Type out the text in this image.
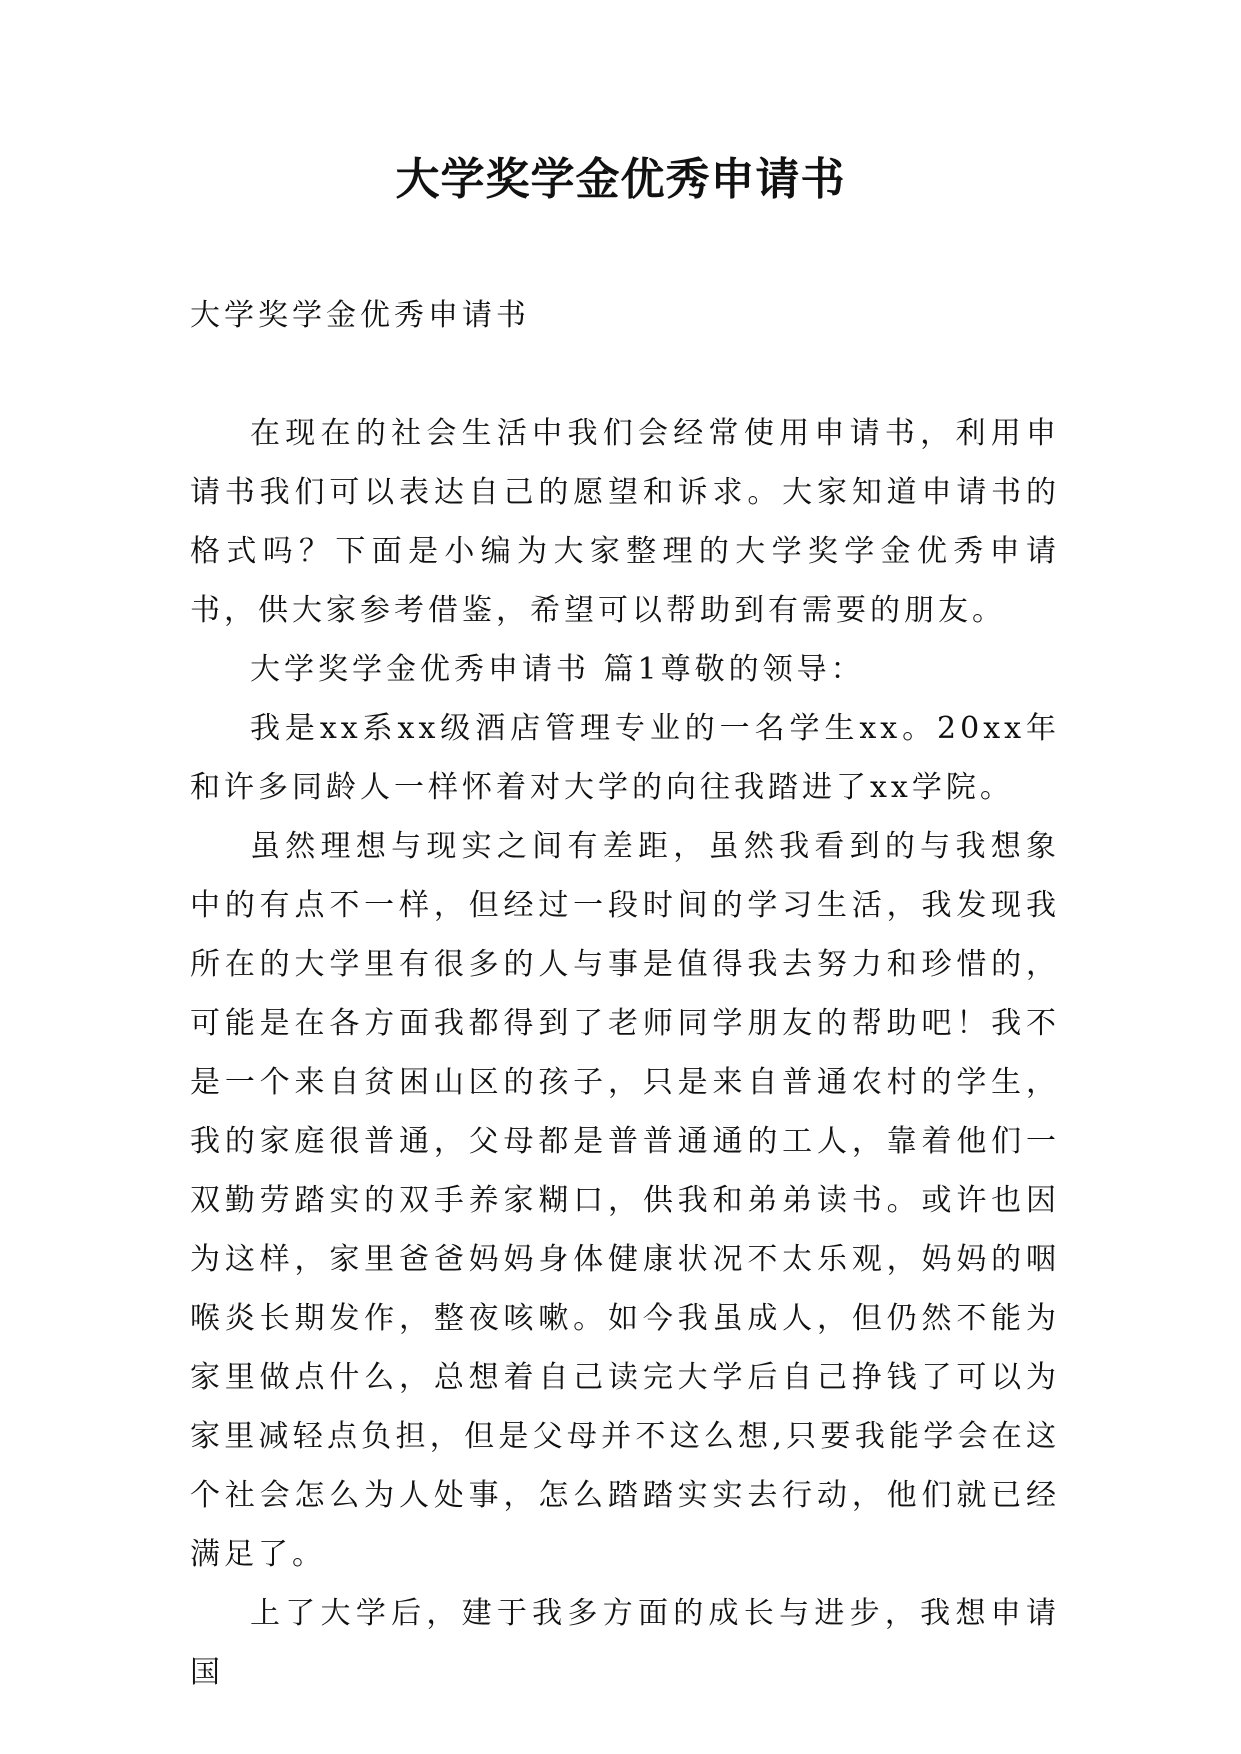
大学奖学金优秀申请书

大学奖学金优秀申请书

在现在的社会生活中我们会经常使用申请书，利用申请书我们可以表达自己的愿望和诉求。大家知道申请书的格式吗？下面是小编为大家整理的大学奖学金优秀申请书，供大家参考借鉴，希望可以帮助到有需要的朋友。

大学奖学金优秀申请书 篇1尊敬的领导：

我是xx系xx级酒店管理专业的一名学生xx。20xx年和许多同龄人一样怀着对大学的向往我踏进了xx学院。

虽然理想与现实之间有差距，虽然我看到的与我想象中的有点不一样，但经过一段时间的学习生活，我发现我所在的大学里有很多的人与事是值得我去努力和珍惜的，可能是在各方面我都得到了老师同学朋友的帮助吧！我不是一个来自贫困山区的孩子，只是来自普通农村的学生，我的家庭很普通，父母都是普普通通的工人，靠着他们一双勤劳踏实的双手养家糊口，供我和弟弟读书。或许也因为这样，家里爸爸妈妈身体健康状况不太乐观，妈妈的咽喉炎长期发作，整夜咳嗽。如今我虽成人，但仍然不能为家里做点什么，总想着自己读完大学后自己挣钱了可以为家里减轻点负担，但是父母并不这么想,只要我能学会在这个社会怎么为人处事，怎么踏踏实实去行动，他们就已经满足了。

上了大学后，建于我多方面的成长与进步，我想申请国
